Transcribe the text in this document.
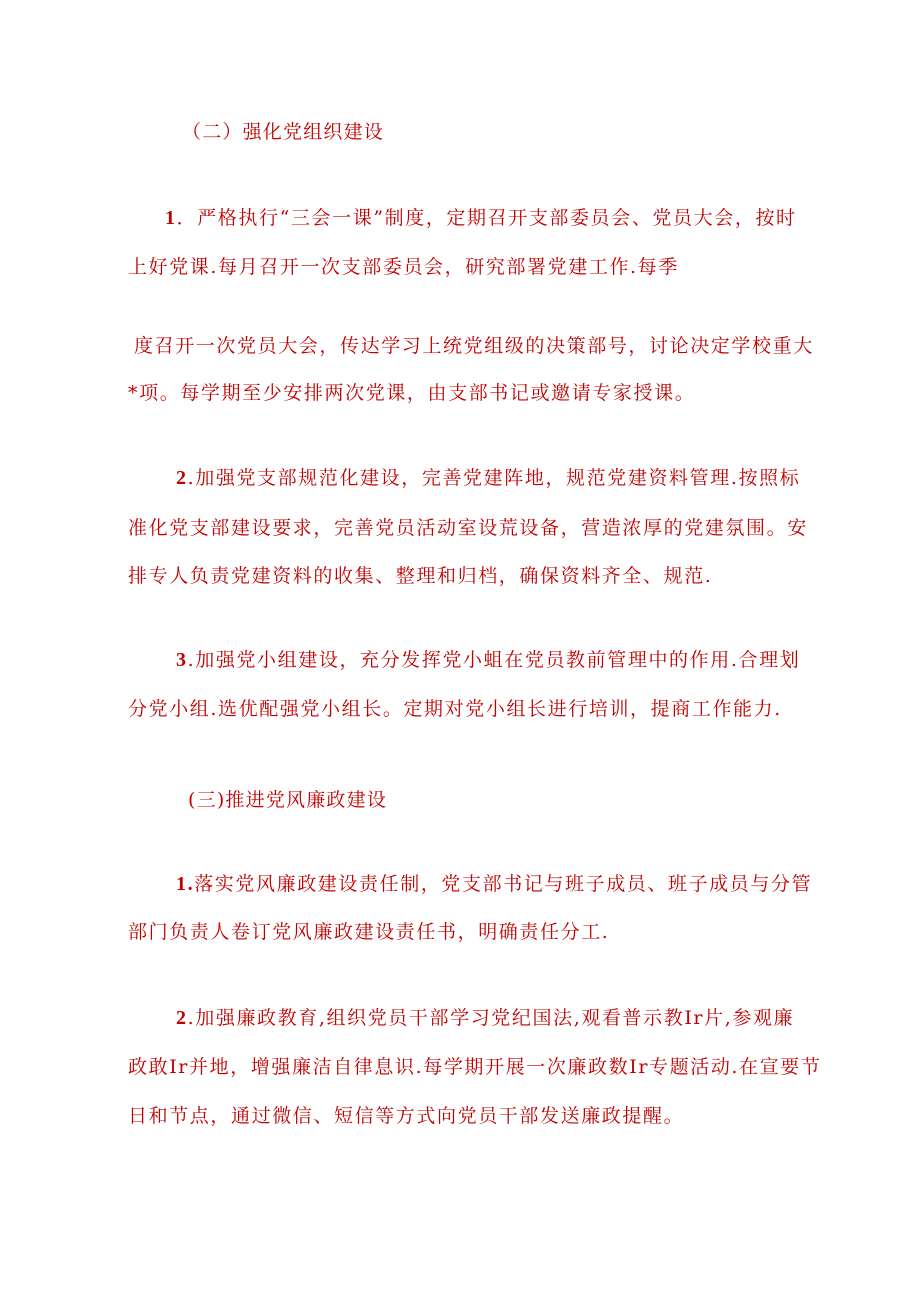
（二）强化党组织建设
1．严格执行“三会一课”制度，定期召开支部委员会、党员大会，按时
上好党课.每月召开一次支部委员会，研究部署党建工作.每季
度召开一次党员大会，传达学习上统党组级的决策部号，讨论决定学校重大
*项。每学期至少安排两次党课，由支部书记或邀请专家授课。
2.加强党支部规范化建设，完善党建阵地，规范党建资料管理.按照标
准化党支部建设要求，完善党员活动室设荒设备，营造浓厚的党建氛围。安
排专人负责党建资料的收集、整理和归档，确保资料齐全、规范.
3.加强党小组建设，充分发挥党小蛆在党员教前管理中的作用.合理划
分党小组.选优配强党小组长。定期对党小组长进行培训，提商工作能力.
(三)推进党风廉政建设
1.落实党风廉政建设责任制，党支部书记与班子成员、班子成员与分管
部门负责人卷订党风廉政建设责任书，明确责任分工.
2.加强廉政教育,组织党员干部学习党纪国法,观看普示教Ir片,参观廉
政敢Ir并地，增强廉洁自律息识.每学期开展一次廉政数Ir专题活动.在宣要节
日和节点，通过微信、短信等方式向党员干部发送廉政提醒。
